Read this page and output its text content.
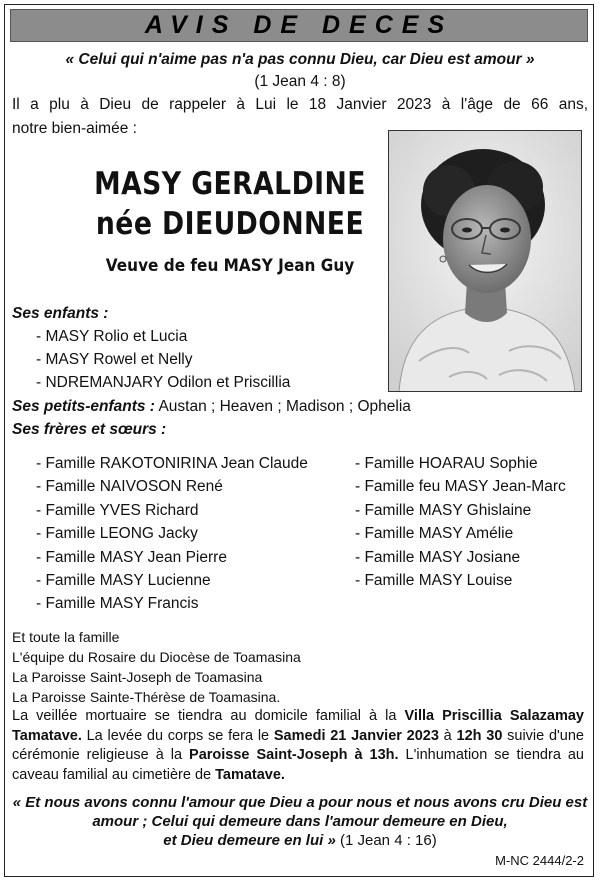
AVIS DE DECES
« Celui qui n'aime pas n'a pas connu Dieu, car Dieu est amour »
(1 Jean 4 : 8)
Il a plu à Dieu de rappeler à Lui le 18 Janvier 2023 à l'âge de 66 ans,
notre bien-aimée :
MASY GERALDINE
née DIEUDONNEE
Veuve de feu MASY Jean Guy
Ses enfants :
- MASY Rolio et Lucia
- MASY Rowel et Nelly
- NDREMANJARY Odilon et Priscillia
Ses petits-enfants : Austan ; Heaven ; Madison ; Ophelia
Ses frères et sœurs :
- Famille RAKOTONIRINA Jean Claude
- Famille NAIVOSON René
- Famille YVES Richard
- Famille LEONG Jacky
- Famille MASY Jean Pierre
- Famille MASY Lucienne
- Famille MASY Francis
- Famille HOARAU Sophie
- Famille feu MASY Jean-Marc
- Famille MASY Ghislaine
- Famille MASY Amélie
- Famille MASY Josiane
- Famille MASY Louise
Et toute la famille
L'équipe du Rosaire du Diocèse de Toamasina
La Paroisse Saint-Joseph de Toamasina
La Paroisse Sainte-Thérèse de Toamasina.
La veillée mortuaire se tiendra au domicile familial à la Villa Priscillia Salazamay Tamatave. La levée du corps se fera le Samedi 21 Janvier 2023 à 12h 30 suivie d'une cérémonie religieuse à la Paroisse Saint-Joseph à 13h. L'inhumation se tiendra au caveau familial au cimetière de Tamatave.
« Et nous avons connu l'amour que Dieu a pour nous et nous avons cru Dieu est
amour ; Celui qui demeure dans l'amour demeure en Dieu,
et Dieu demeure en lui » (1 Jean 4 : 16)
M-NC 2444/2-2
